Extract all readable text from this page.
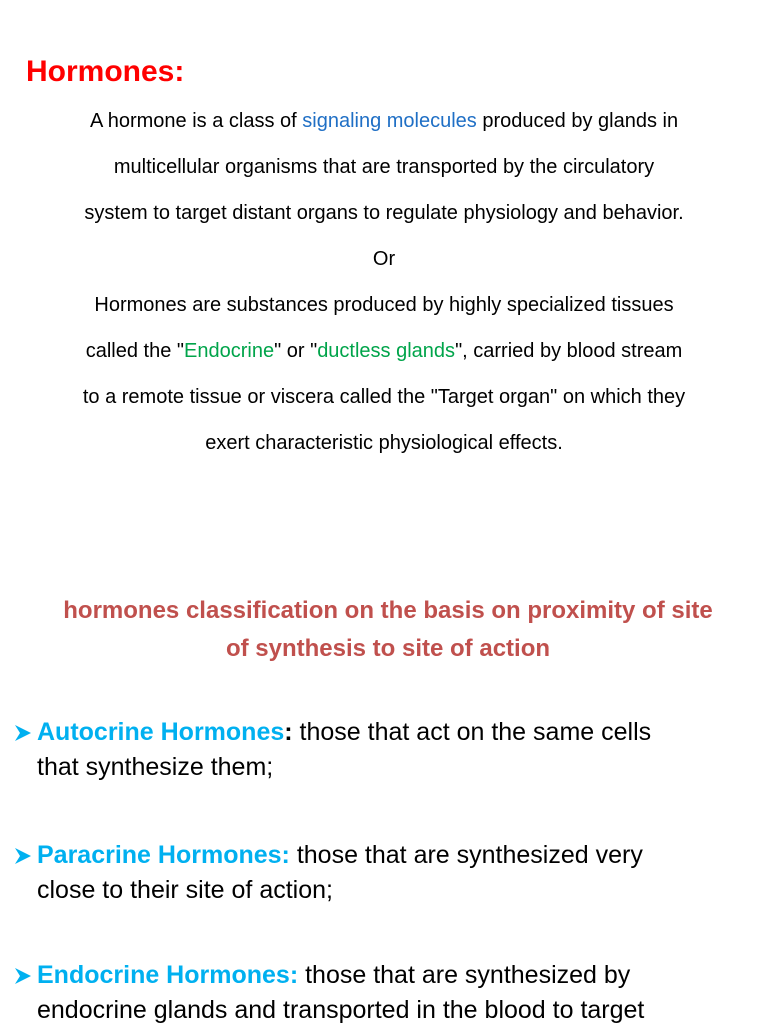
Hormones:
A hormone is a class of signaling molecules produced by glands in
multicellular organisms that are transported by the circulatory
system to target distant organs to regulate physiology and behavior.
Or
Hormones are substances produced by highly specialized tissues
called the "Endocrine" or "ductless glands", carried by blood stream
to a remote tissue or viscera called the "Target organ" on which they
exert characteristic physiological effects.
hormones classification on the basis on proximity of site
of synthesis to site of action
Autocrine Hormones: those that act on the same cells
that synthesize them;
Paracrine Hormones: those that are synthesized very
close to their site of action;
Endocrine Hormones: those that are synthesized by
endocrine glands and transported in the blood to target
